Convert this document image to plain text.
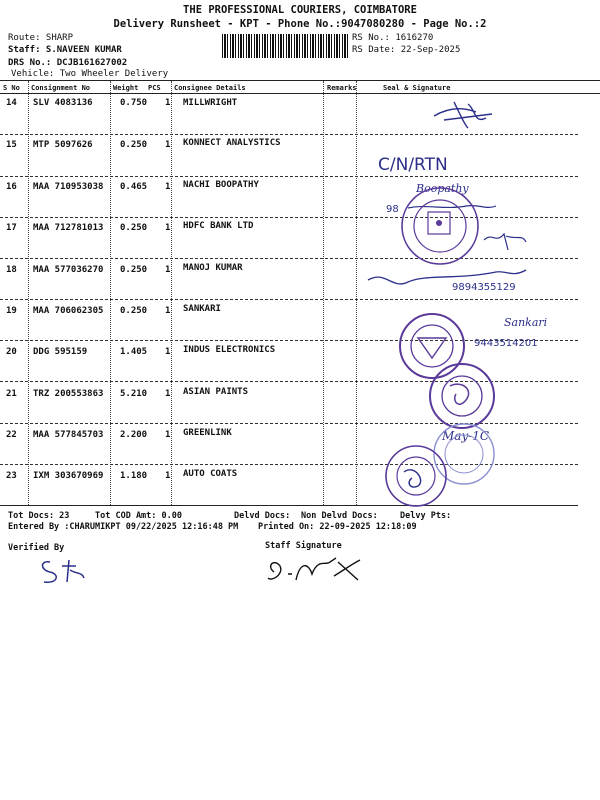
THE PROFESSIONAL COURIERS, COIMBATORE
Delivery Runsheet - KPT - Phone No.:9047080280 - Page No.:2
Route: SHARP
Staff: S.NAVEEN KUMAR
DRS No.: DCJB161627002
Vehicle: Two Wheeler Delivery
RS No.: 1616270
RS Date: 22-Sep-2025
S No Consignment No	Weight PCS Consignee Details	Remarks	Seal & Signature
14 SLV 4083136	0.750 1 MILLWRIGHT
15 MTP 5097626	0.250 1 KONNECT ANALYSTICS
16 MAA 710953038 0.465 1 NACHI BOOPATHY
17 MAA 712781013 0.250 1 HDFC BANK LTD
18 MAA 577036270 0.250 1 MANOJ KUMAR
19 MAA 706062305 0.250 1 SANKARI
20 DDG 595159	1.405 1 INDUS ELECTRONICS
21 TRZ 200553863 5.210 1 ASIAN PAINTS
22 MAA 577845703 2.200 1 GREENLINK
23 IXM 303670969 1.180 1 AUTO COATS
C/N/RTN
Boopathy
98
9894355129
Sankari
9443514201
May-1C
Tot Docs: 23	Tot COD Amt: 0.00	Delvd Docs: Non Delvd Docs:	Delvy Pts:
Entered By :CHARUMIKPT 09/22/2025 12:16:48 PM Printed On: 22-09-2025 12:18:09
Verified By	Staff Signature
